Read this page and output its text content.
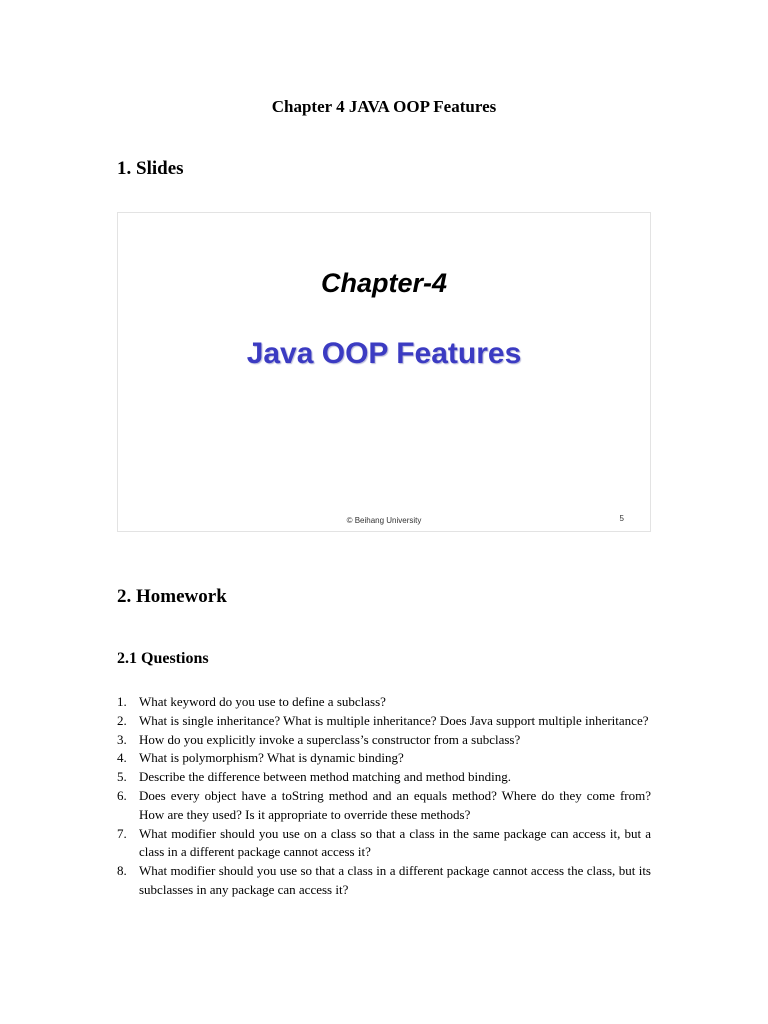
Chapter 4 JAVA OOP Features
1. Slides
Chapter-4
Java OOP Features
© Beihang University	5
2. Homework
2.1 Questions
1. What keyword do you use to define a subclass?
2. What is single inheritance? What is multiple inheritance? Does Java support multiple inheritance?
3. How do you explicitly invoke a superclass’s constructor from a subclass?
4. What is polymorphism? What is dynamic binding?
5. Describe the difference between method matching and method binding.
6. Does every object have a toString method and an equals method? Where do they come from? How are they used? Is it appropriate to override these methods?
7. What modifier should you use on a class so that a class in the same package can access it, but a class in a different package cannot access it?
8. What modifier should you use so that a class in a different package cannot access the class, but its subclasses in any package can access it?
